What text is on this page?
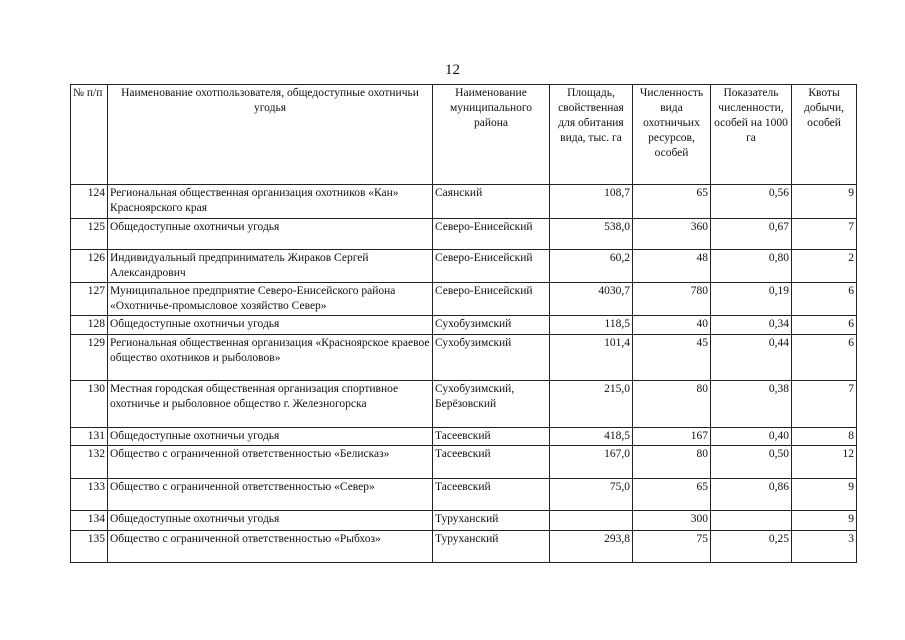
12
№ п/п	Наименование охотпользователя, общедоступные охотничьи угодья	Наименование муниципального района	Площадь, свойственная для обитания вида, тыс. га	Численность вида охотничьих ресурсов, особей	Показатель численности, особей на 1000 га	Квоты добычи, особей
124	Региональная общественная организация охотников «Кан» Красноярского края	Саянский	108,7	65	0,56	9
125	Общедоступные охотничьи угодья	Северо-Енисейский	538,0	360	0,67	7
126	Индивидуальный предприниматель Жираков Сергей Александрович	Северо-Енисейский	60,2	48	0,80	2
127	Муниципальное предприятие Северо-Енисейского района «Охотничье-промысловое хозяйство Север»	Северо-Енисейский	4030,7	780	0,19	6
128	Общедоступные охотничьи угодья	Сухобузимский	118,5	40	0,34	6
129	Региональная общественная организация «Красноярское краевое общество охотников и рыболовов»	Сухобузимский	101,4	45	0,44	6
130	Местная городская общественная организация спортивное охотничье и рыболовное общество г. Железногорска	Сухобузимский, Берёзовский	215,0	80	0,38	7
131	Общедоступные охотничьи угодья	Тасеевский	418,5	167	0,40	8
132	Общество с ограниченной ответственностью «Белисказ»	Тасеевский	167,0	80	0,50	12
133	Общество с ограниченной ответственностью «Север»	Тасеевский	75,0	65	0,86	9
134	Общедоступные охотничьи угодья	Туруханский		300		9
135	Общество с ограниченной ответственностью «Рыбхоз»	Туруханский	293,8	75	0,25	3
